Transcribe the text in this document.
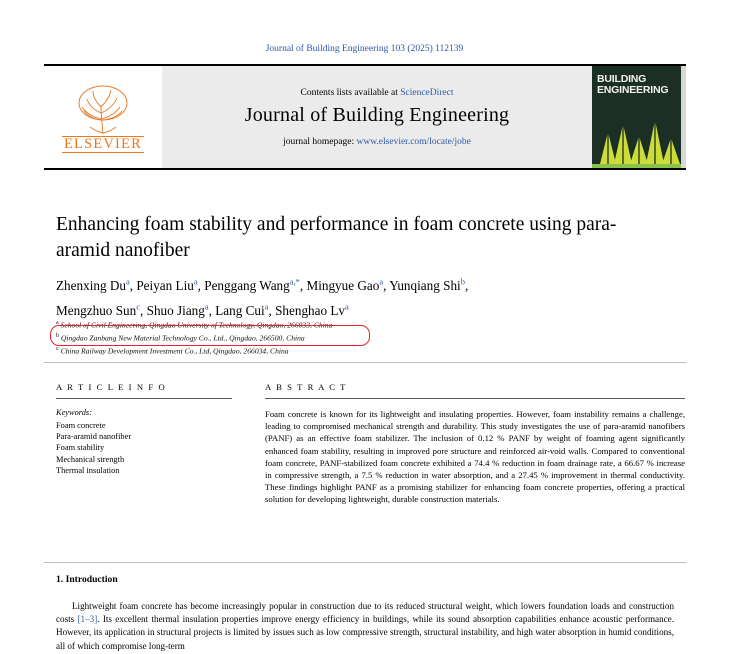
Journal of Building Engineering 103 (2025) 112139
ELSEVIER
Contents lists available at ScienceDirect
Journal of Building Engineering
journal homepage: www.elsevier.com/locate/jobe
BUILDING
ENGINEERING
Enhancing foam stability and performance in foam concrete using para-aramid nanofiber
Zhenxing Du$^a$, Peiyan Liu$^a$, Penggang Wang$^{a,*}$, Mingyue Gao$^a$, Yunqiang Shi$^b$,
Mengzhuo Sun$^c$, Shuo Jiang$^a$, Lang Cui$^a$, Shenghao Lv$^a$
$^a$ School of Civil Engineering, Qingdao University of Technology, Qingdao, 266033, China
$^b$ Qingdao Zanbang New Material Technology Co., Ltd., Qingdao, 266500, China
$^c$ China Railway Development Investment Co., Ltd, Qingdao, 266034, China
A R T I C L E I N F O
Keywords:
Foam concrete
Para-aramid nanofiber
Foam stability
Mechanical strength
Thermal insulation
A B S T R A C T
Foam concrete is known for its lightweight and insulating properties. However, foam instability remains a challenge, leading to compromised mechanical strength and durability. This study investigates the use of para-aramid nanofibers (PANF) as an effective foam stabilizer. The inclusion of 0.12 % PANF by weight of foaming agent significantly enhanced foam stability, resulting in improved pore structure and reinforced air-void walls. Compared to conventional foam concrete, PANF-stabilized foam concrete exhibited a 74.4 % reduction in foam drainage rate, a 66.67 % increase in compressive strength, a 7.5 % reduction in water absorption, and a 27.45 % improvement in thermal conductivity. These findings highlight PANF as a promising stabilizer for enhancing foam concrete properties, offering a practical solution for developing lightweight, durable construction materials.
1. Introduction
Lightweight foam concrete has become increasingly popular in construction due to its reduced structural weight, which lowers foundation loads and construction costs [1–3]. Its excellent thermal insulation properties improve energy efficiency in buildings, while its sound absorption capabilities enhance acoustic performance. However, its application in structural projects is limited by issues such as low compressive strength, structural instability, and high water absorption in humid conditions, all of which compromise long-term
